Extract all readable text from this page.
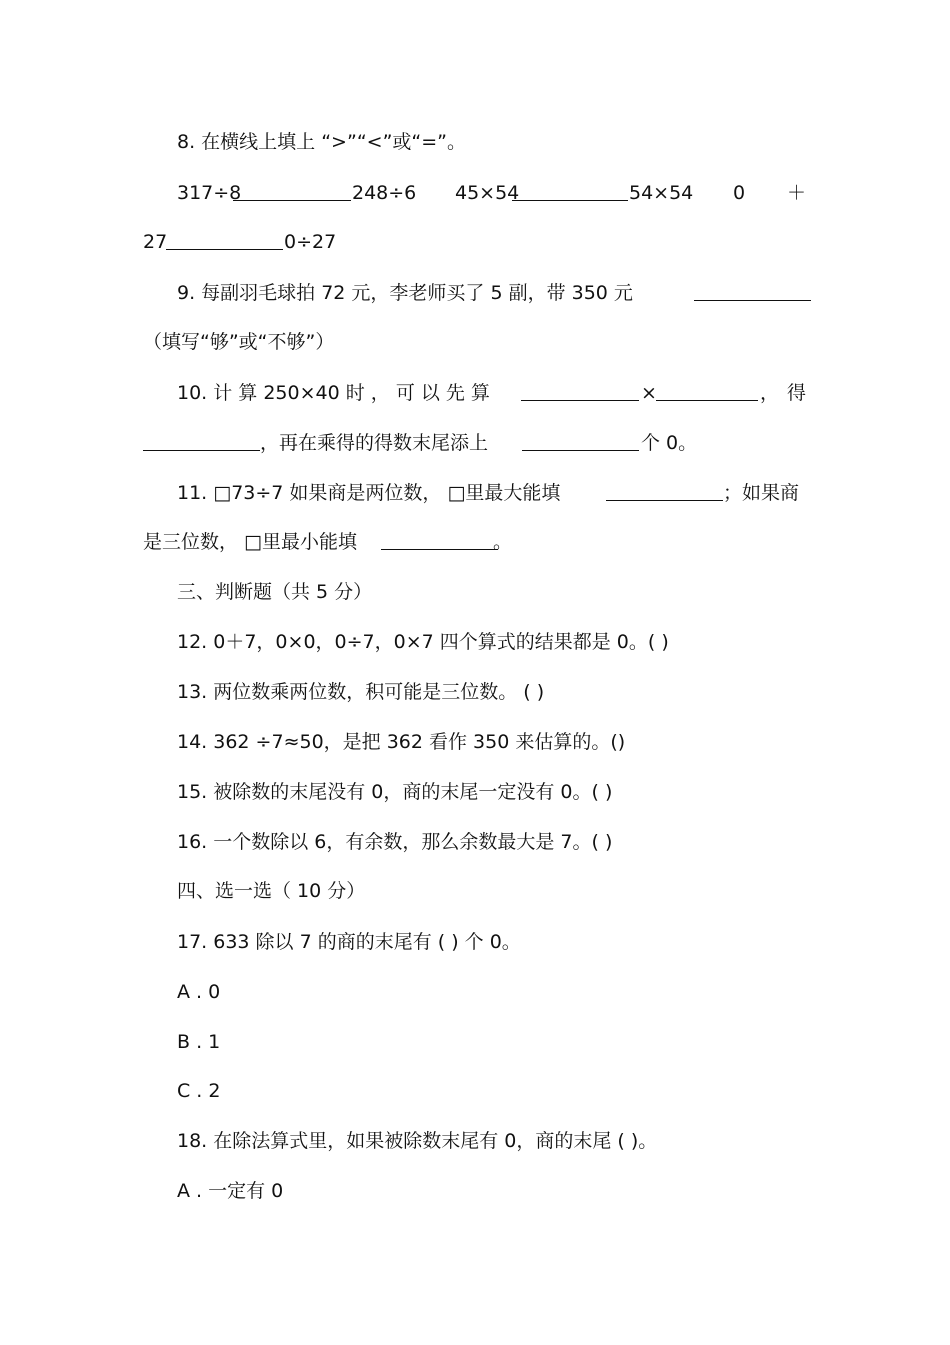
8. 在横线上填上 “>”“<”或“=”。
317÷8	248÷6 45×54	54×54 0 ＋
27	0÷27
9. 每副羽毛球拍 72 元，李老师买了 5 副，带 350 元
（填写“够”或“不够”）
10. 计 算 250×40 时 ， 可 以 先 算	×	， 得
，再在乘得的得数末尾添上	个 0。
11. □73÷7 如果商是两位数， □里最大能填	；如果商
是三位数， □里最小能填	。
三、判断题（共 5 分）
12. 0＋7，0×0，0÷7，0×7 四个算式的结果都是 0。( )
13. 两位数乘两位数，积可能是三位数。 ( )
14. 362 ÷7≈50，是把 362 看作 350 来估算的。()
15. 被除数的末尾没有 0，商的末尾一定没有 0。( )
16. 一个数除以 6，有余数，那么余数最大是 7。( )
四、选一选（ 10 分）
17. 633 除以 7 的商的末尾有 ( ) 个 0。
A . 0
B . 1
C . 2
18. 在除法算式里，如果被除数末尾有 0，商的末尾 ( )。
A . 一定有 0
